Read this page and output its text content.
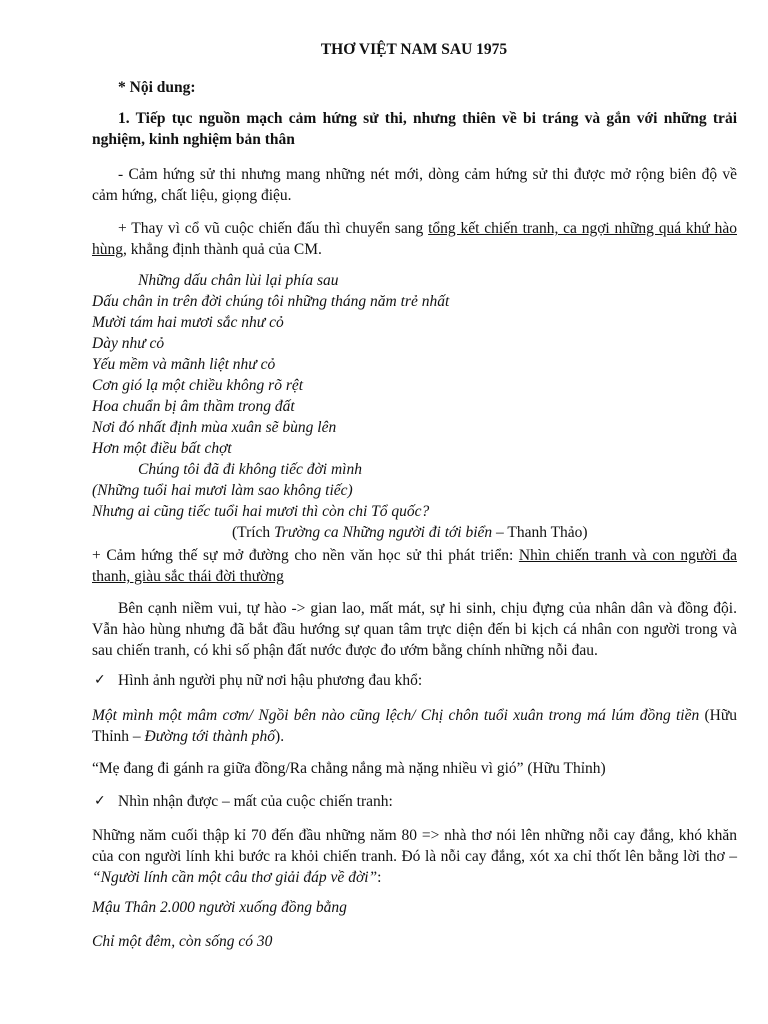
THƠ VIỆT NAM SAU 1975
* Nội dung:
1. Tiếp tục nguồn mạch cảm hứng sử thi, nhưng thiên về bi tráng và gắn với những trải nghiệm, kinh nghiệm bản thân
- Cảm hứng sử thi nhưng mang những nét mới, dòng cảm hứng sử thi được mở rộng biên độ về cảm hứng, chất liệu, giọng điệu.
+ Thay vì cổ vũ cuộc chiến đấu thì chuyển sang tổng kết chiến tranh, ca ngợi những quá khứ hào hùng, khẳng định thành quả của CM.
Những dấu chân lùi lại phía sau
Dấu chân in trên đời chúng tôi những tháng năm trẻ nhất
Mười tám hai mươi sắc như cỏ
Dày như cỏ
Yếu mềm và mãnh liệt như cỏ
Cơn gió lạ một chiều không rõ rệt
Hoa chuẩn bị âm thầm trong đất
Nơi đó nhất định mùa xuân sẽ bùng lên
Hơn một điều bất chợt
Chúng tôi đã đi không tiếc đời mình
(Những tuổi hai mươi làm sao không tiếc)
Nhưng ai cũng tiếc tuổi hai mươi thì còn chi Tổ quốc?
(Trích Trường ca Những người đi tới biển – Thanh Thảo)
+ Cảm hứng thế sự mở đường cho nền văn học sử thi phát triển: Nhìn chiến tranh và con người đa thanh, giàu sắc thái đời thường
Bên cạnh niềm vui, tự hào -> gian lao, mất mát, sự hi sinh, chịu đựng của nhân dân và đồng đội. Vẫn hào hùng nhưng đã bắt đầu hướng sự quan tâm trực diện đến bi kịch cá nhân con người trong và sau chiến tranh, có khi số phận đất nước được đo ướm bằng chính những nỗi đau.
✓ Hình ảnh người phụ nữ nơi hậu phương đau khổ:
Một mình một mâm cơm/ Ngồi bên nào cũng lệch/ Chị chôn tuổi xuân trong má lúm đồng tiền (Hữu Thỉnh – Đường tới thành phố).
“Mẹ đang đi gánh ra giữa đồng/Ra chẳng nắng mà nặng nhiều vì gió” (Hữu Thỉnh)
✓ Nhìn nhận được – mất của cuộc chiến tranh:
Những năm cuối thập kỉ 70 đến đầu những năm 80 => nhà thơ nói lên những nỗi cay đắng, khó khăn của con người lính khi bước ra khỏi chiến tranh. Đó là nỗi cay đắng, xót xa chỉ thốt lên bằng lời thơ – “Người lính cần một câu thơ giải đáp về đời”:
Mậu Thân 2.000 người xuống đồng bằng
Chỉ một đêm, còn sống có 30
